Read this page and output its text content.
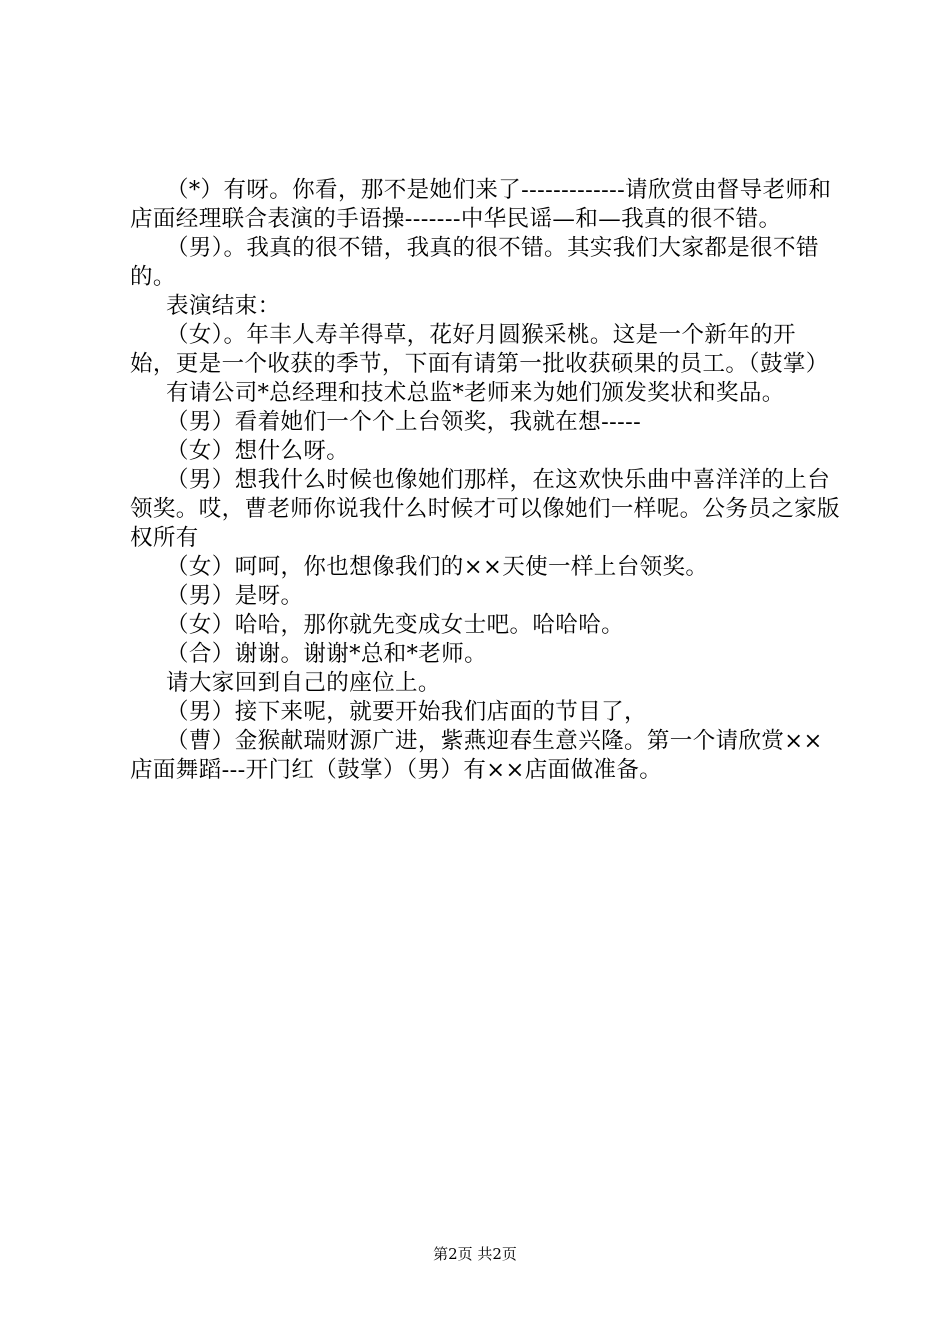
（*）有呀。你看，那不是她们来了-------------请欣赏由督导老师和店面经理联合表演的手语操-------中华民谣—和—我真的很不错。

（男）。我真的很不错，我真的很不错。其实我们大家都是很不错的。

表演结束：

（女）。年丰人寿羊得草，花好月圆猴采桃。这是一个新年的开始，更是一个收获的季节，下面有请第一批收获硕果的员工。（鼓掌）

有请公司*总经理和技术总监*老师来为她们颁发奖状和奖品。

（男）看着她们一个个上台领奖，我就在想-----

（女）想什么呀。

（男）想我什么时候也像她们那样，在这欢快乐曲中喜洋洋的上台领奖。哎，曹老师你说我什么时候才可以像她们一样呢。公务员之家版权所有

（女）呵呵，你也想像我们的××天使一样上台领奖。

（男）是呀。

（女）哈哈，那你就先变成女士吧。哈哈哈。

（合）谢谢。谢谢*总和*老师。

请大家回到自己的座位上。

（男）接下来呢，就要开始我们店面的节目了，

（曹）金猴献瑞财源广进，紫燕迎春生意兴隆。第一个请欣赏××店面舞蹈---开门红（鼓掌）（男）有××店面做准备。

第2页 共2页
